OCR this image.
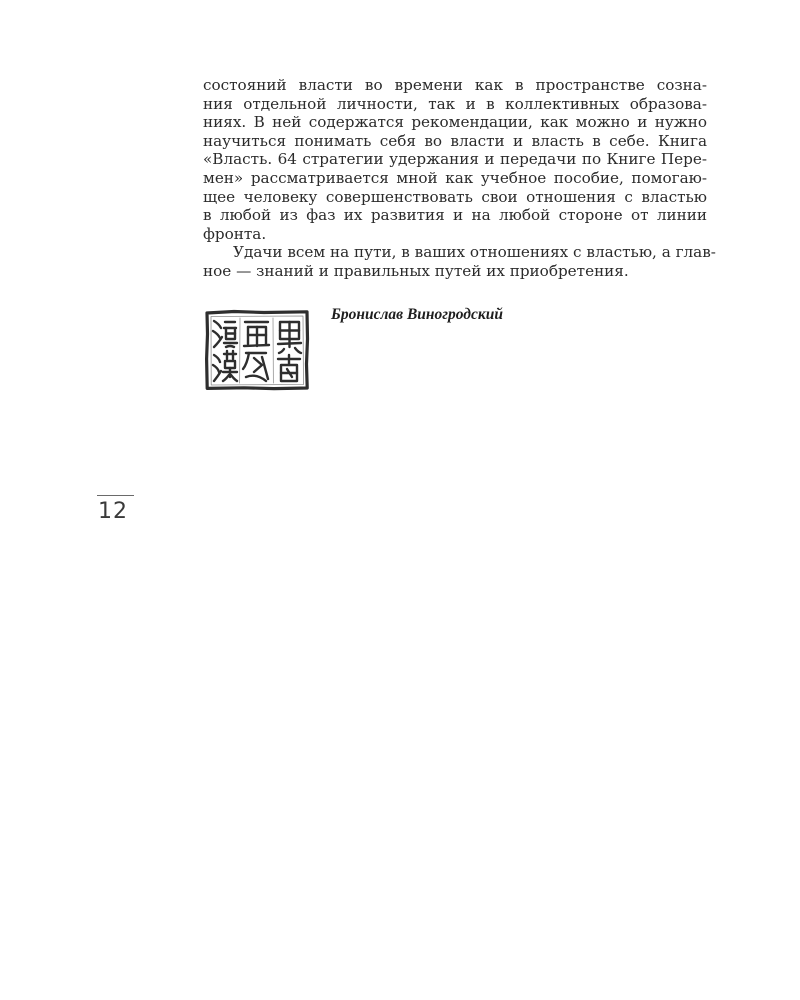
состояний власти во времени как в пространстве созна-
ния отдельной личности, так и в коллективных образова-
ниях. В ней содержатся рекомендации, как можно и нужно
научиться понимать себя во власти и власть в себе. Книга
«Власть. 64 стратегии удержания и передачи по Книге Пере-
мен» рассматривается мной как учебное пособие, помогаю-
щее человеку совершенствовать свои отношения с властью
в любой из фаз их развития и на любой стороне от линии
фронта.
Удачи всем на пути, в ваших отношениях с властью, а глав-
ное — знаний и правильных путей их приобретения.
Бронислав Виногродский
12
